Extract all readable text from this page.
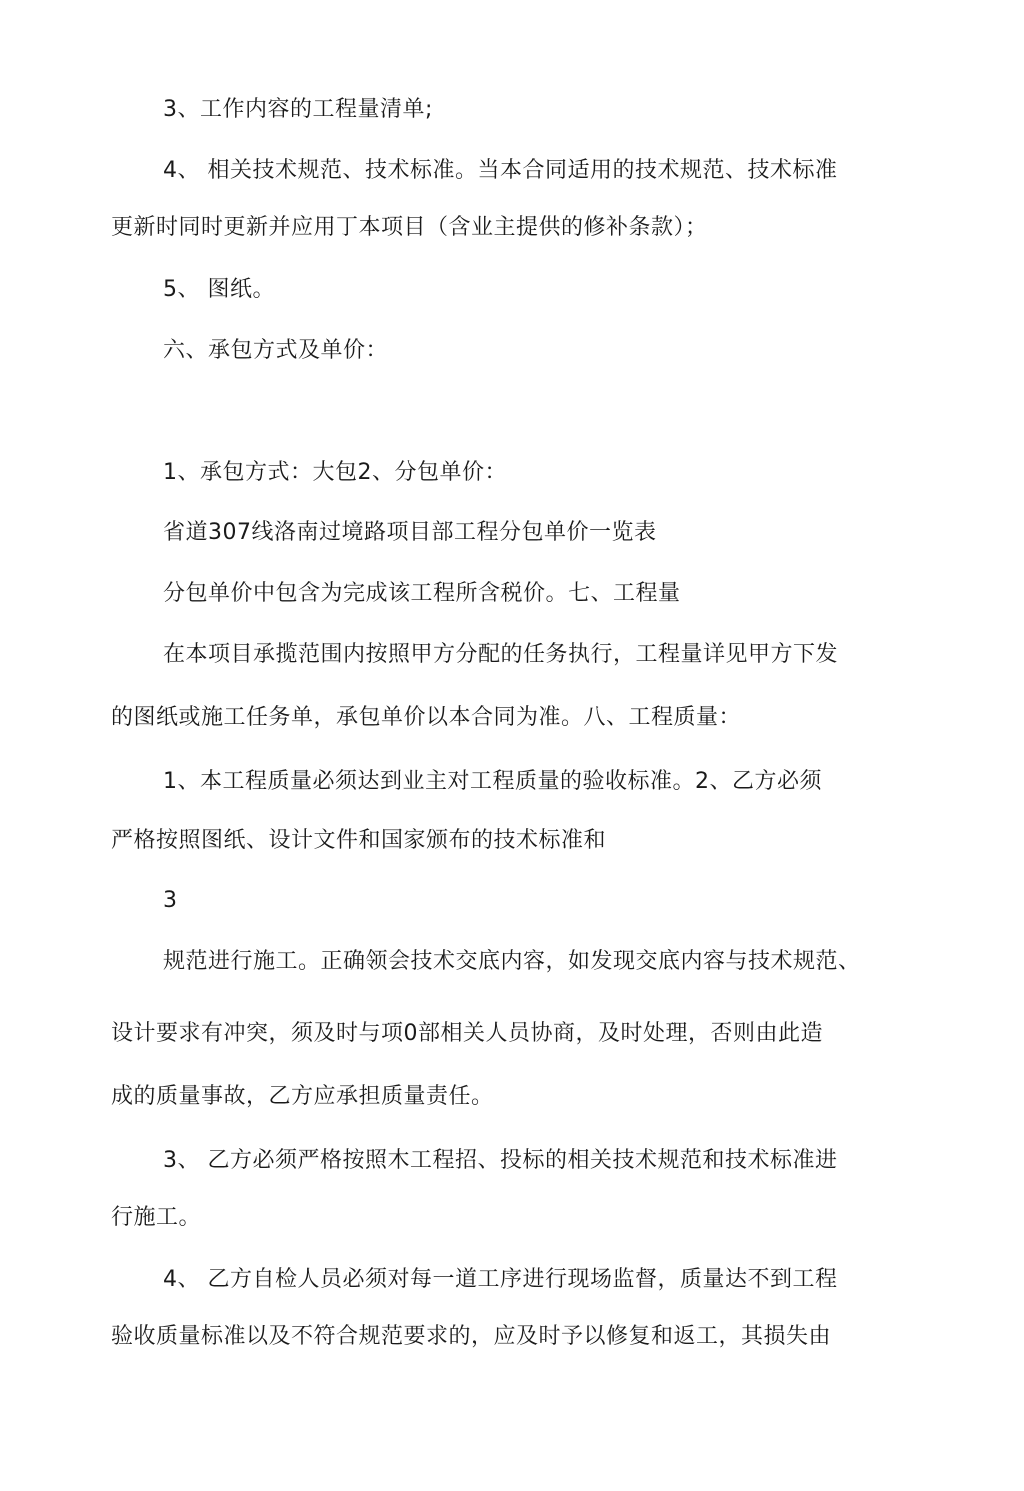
3、工作内容的工程量清单;

4、 相关技术规范、技术标准。当本合同适用的技术规范、技术标准

更新时同时更新并应用丁本项目（含业主提供的修补条款）；

5、 图纸。

六、承包方式及单价：

1、承包方式：大包2、分包单价：

省道307线洛南过境路项目部工程分包单价一览表

分包单价中包含为完成该工程所含税价。七、工程量

在本项目承揽范围内按照甲方分配的任务执行，工程量详见甲方下发

的图纸或施工任务单，承包单价以本合同为准。八、工程质量：

1、本工程质量必须达到业主对工程质量的验收标准。2、乙方必须

严格按照图纸、设计文件和国家颁布的技术标准和

3

规范进行施工。正确领会技术交底内容，如发现交底内容与技术规范、

设计要求有冲突，须及时与项0部相关人员协商，及时处理，否则由此造

成的质量事故，乙方应承担质量责任。

3、 乙方必须严格按照木工程招、投标的相关技术规范和技术标准进

行施工。

4、 乙方自检人员必须对每一道工序进行现场监督，质量达不到工程

验收质量标准以及不符合规范要求的，应及时予以修复和返工，其损失由
